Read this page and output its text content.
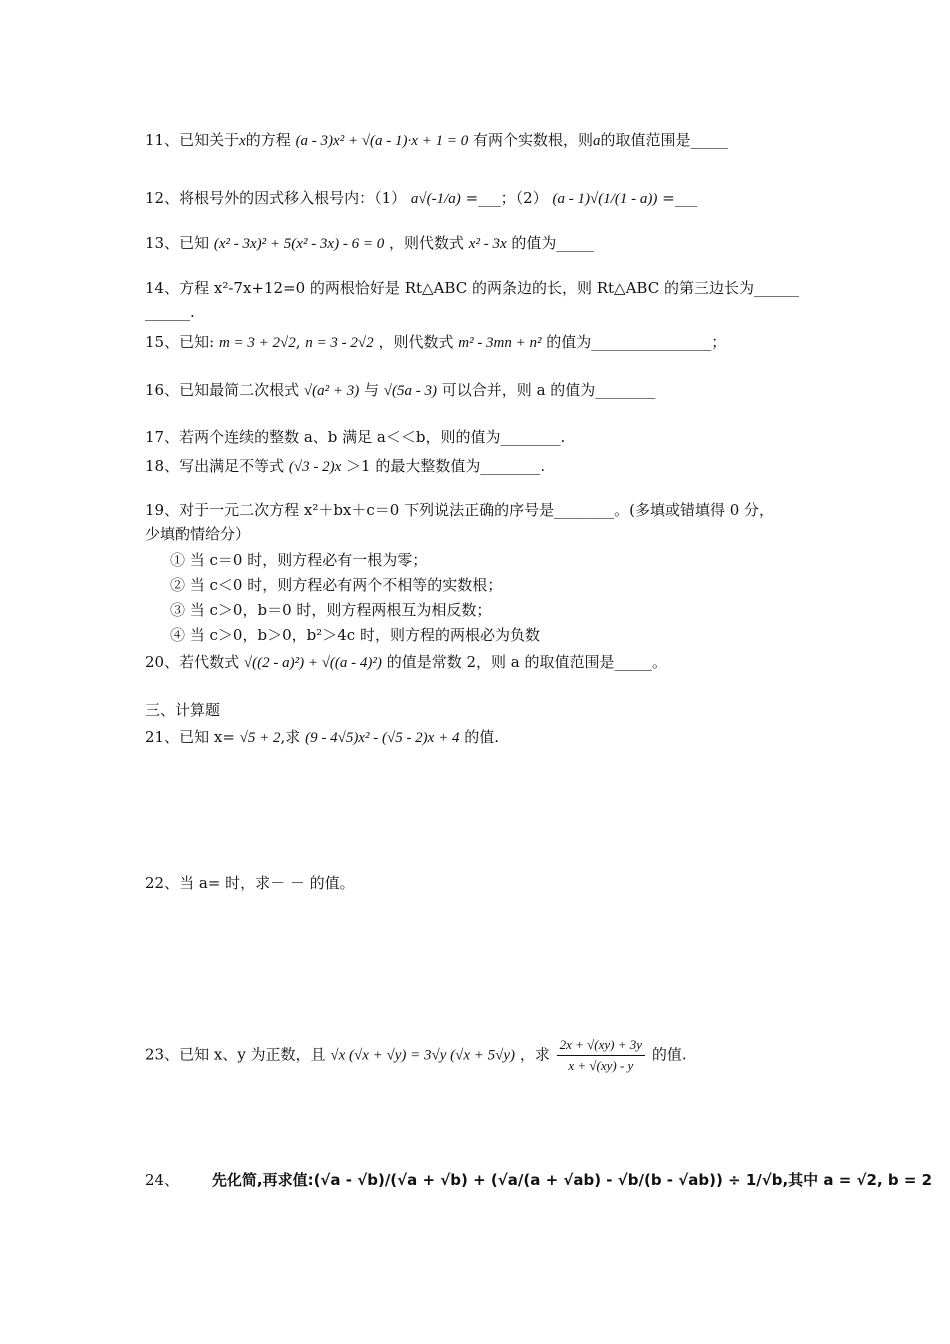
11、已知关于x的方程 (a - 3)x² + √(a - 1)·x + 1 = 0 有两个实数根，则a的取值范围是_____
12、将根号外的因式移入根号内：（1） a√(-1/a) =___；（2） (a - 1)√(1/(1 - a)) =___
13、已知 (x² - 3x)² + 5(x² - 3x) - 6 = 0 ，则代数式 x² - 3x 的值为_____
14、方程 x²-7x+12=0 的两根恰好是 Rt△ABC 的两条边的长，则 Rt△ABC 的第三边长为______
______.
15、已知: m = 3 + 2√2, n = 3 - 2√2 ，则代数式 m² - 3mn + n² 的值为________________；
16、已知最简二次根式 √(a² + 3) 与 √(5a - 3) 可以合并，则 a 的值为________
17、若两个连续的整数 a、b 满足 a＜＜b，则的值为________.
18、写出满足不等式 (√3 - 2)x ＞1 的最大整数值为________.
19、对于一元二次方程 x²＋bx＋c＝0 下列说法正确的序号是________。(多填或错填得 0 分，
少填酌情给分）
① 当 c＝0 时，则方程必有一根为零；
② 当 c＜0 时，则方程必有两个不相等的实数根；
③ 当 c＞0，b＝0 时，则方程两根互为相反数；
④ 当 c＞0，b＞0，b²＞4c 时，则方程的两根必为负数
20、若代数式 √((2 - a)²) + √((a - 4)²) 的值是常数 2，则 a 的取值范围是_____。
三、计算题
21、已知 x= √5 + 2,求 (9 - 4√5)x² - (√5 - 2)x + 4 的值.
22、当 a= 时，求－ － 的值。
23、已知 x、y 为正数，且 √x (√x + √y) = 3√y (√x + 5√y) ，求 $\frac{2x + √(xy) + 3y}{x + √(xy) - y}$ 的值.
24、 先化简,再求值:(√a - √b)/(√a + √b) + (√a/(a + √ab) - √b/(b - √ab)) ÷ 1/√b,其中 a = √2, b = 2
